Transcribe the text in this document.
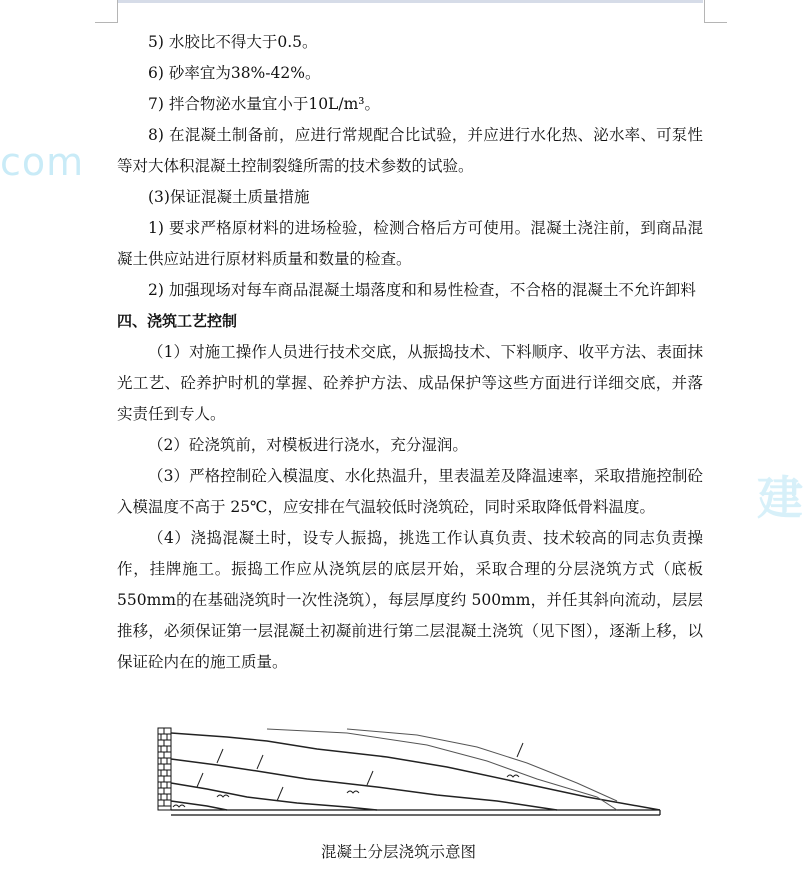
com
建

5) 水胶比不得大于0.5。

6) 砂率宜为38%-42%。

7) 拌合物泌水量宜小于10L/m³。

8) 在混凝土制备前，应进行常规配合比试验，并应进行水化热、泌水率、可泵性等对大体积混凝土控制裂缝所需的技术参数的试验。

(3)保证混凝土质量措施

1) 要求严格原材料的进场检验，检测合格后方可使用。混凝土浇注前，到商品混凝土供应站进行原材料质量和数量的检查。

2) 加强现场对每车商品混凝土塌落度和和易性检查，不合格的混凝土不允许卸料

四、浇筑工艺控制

（1）对施工操作人员进行技术交底，从振捣技术、下料顺序、收平方法、表面抹光工艺、砼养护时机的掌握、砼养护方法、成品保护等这些方面进行详细交底，并落实责任到专人。

（2）砼浇筑前，对模板进行浇水，充分湿润。

（3）严格控制砼入模温度、水化热温升，里表温差及降温速率，采取措施控制砼入模温度不高于 25℃，应安排在气温较低时浇筑砼，同时采取降低骨料温度。

（4）浇捣混凝土时，设专人振捣，挑选工作认真负责、技术较高的同志负责操作，挂牌施工。振捣工作应从浇筑层的底层开始，采取合理的分层浇筑方式（底板550mm的在基础浇筑时一次性浇筑），每层厚度约 500mm，并任其斜向流动，层层推移，必须保证第一层混凝土初凝前进行第二层混凝土浇筑（见下图），逐渐上移，以保证砼内在的施工质量。

混凝土分层浇筑示意图
